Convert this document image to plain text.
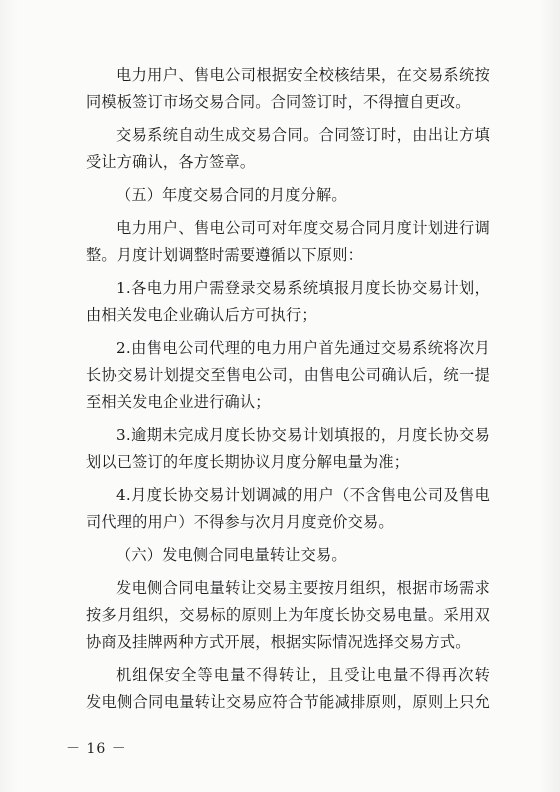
电力用户、售电公司根据安全校核结果，在交易系统按
同模板签订市场交易合同。合同签订时，不得擅自更改。
交易系统自动生成交易合同。合同签订时，由出让方填
受让方确认，各方签章。
（五）年度交易合同的月度分解。
电力用户、售电公司可对年度交易合同月度计划进行调
整。月度计划调整时需要遵循以下原则：
1.各电力用户需登录交易系统填报月度长协交易计划，
由相关发电企业确认后方可执行；
2.由售电公司代理的电力用户首先通过交易系统将次月
长协交易计划提交至售电公司，由售电公司确认后，统一提
至相关发电企业进行确认；
3.逾期未完成月度长协交易计划填报的，月度长协交易
划以已签订的年度长期协议月度分解电量为准；
4.月度长协交易计划调减的用户（不含售电公司及售电
司代理的用户）不得参与次月月度竞价交易。
（六）发电侧合同电量转让交易。
发电侧合同电量转让交易主要按月组织，根据市场需求
按多月组织，交易标的原则上为年度长协交易电量。采用双
协商及挂牌两种方式开展，根据实际情况选择交易方式。
机组保安全等电量不得转让，且受让电量不得再次转
发电侧合同电量转让交易应符合节能减排原则，原则上只允
－ 16 －
